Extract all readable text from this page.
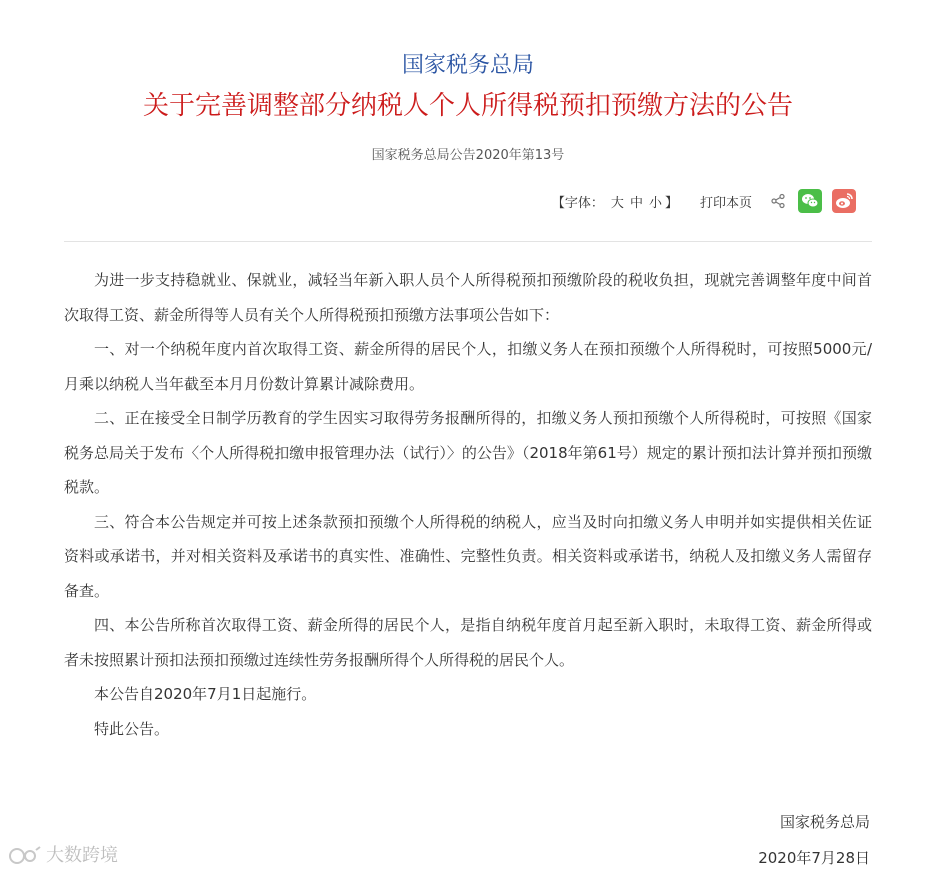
国家税务总局
关于完善调整部分纳税人个人所得税预扣预缴方法的公告
国家税务总局公告2020年第13号
【字体： 大 中 小 】 打印本页

为进一步支持稳就业、保就业，减轻当年新入职人员个人所得税预扣预缴阶段的税收负担，现就完善调整年度中间首次取得工资、薪金所得等人员有关个人所得税预扣预缴方法事项公告如下：

一、对一个纳税年度内首次取得工资、薪金所得的居民个人，扣缴义务人在预扣预缴个人所得税时，可按照5000元/月乘以纳税人当年截至本月月份数计算累计减除费用。

二、正在接受全日制学历教育的学生因实习取得劳务报酬所得的，扣缴义务人预扣预缴个人所得税时，可按照《国家税务总局关于发布〈个人所得税扣缴申报管理办法（试行）〉的公告》（2018年第61号）规定的累计预扣法计算并预扣预缴税款。

三、符合本公告规定并可按上述条款预扣预缴个人所得税的纳税人，应当及时向扣缴义务人申明并如实提供相关佐证资料或承诺书，并对相关资料及承诺书的真实性、准确性、完整性负责。相关资料或承诺书，纳税人及扣缴义务人需留存备查。

四、本公告所称首次取得工资、薪金所得的居民个人，是指自纳税年度首月起至新入职时，未取得工资、薪金所得或者未按照累计预扣法预扣预缴过连续性劳务报酬所得个人所得税的居民个人。

本公告自2020年7月1日起施行。

特此公告。

国家税务总局
2020年7月28日
大数跨境
